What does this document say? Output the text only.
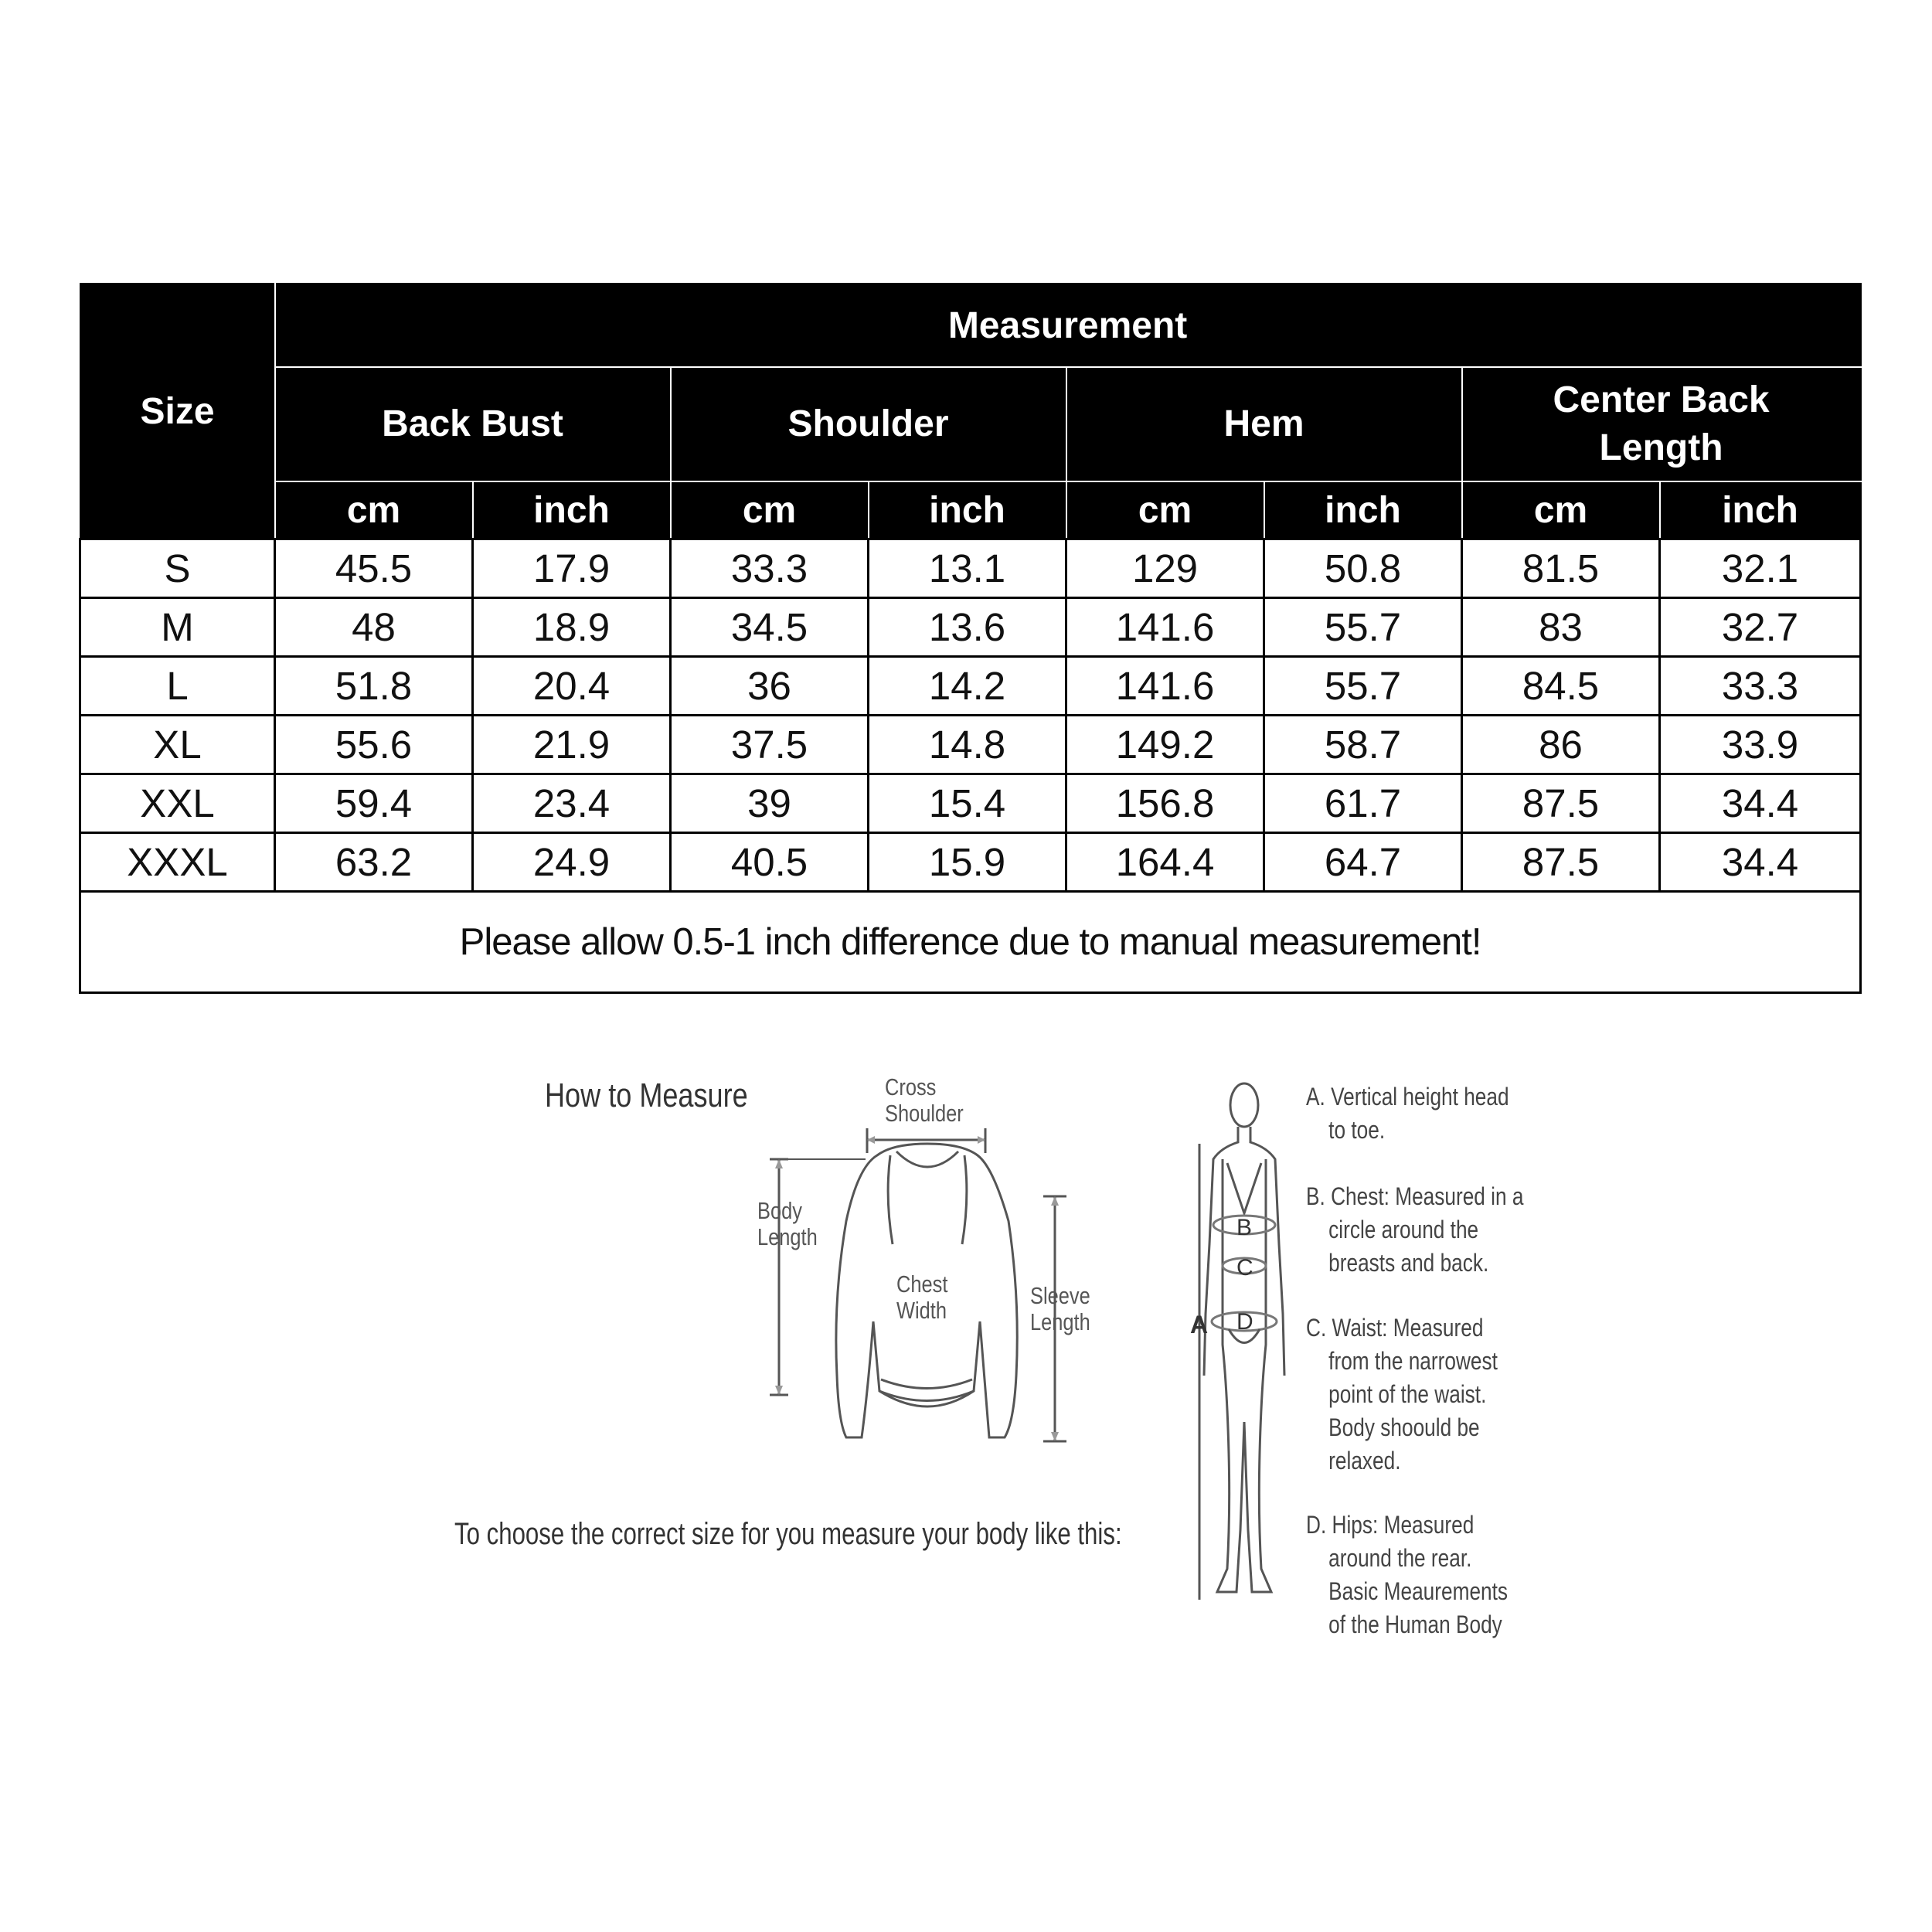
Size	Measurement							
	Back Bust		Shoulder		Hem		Center Back Length	
	cm	inch	cm	inch	cm	inch	cm	inch
S	45.5	17.9	33.3	13.1	129	50.8	81.5	32.1
M	48	18.9	34.5	13.6	141.6	55.7	83	32.7
L	51.8	20.4	36	14.2	141.6	55.7	84.5	33.3
XL	55.6	21.9	37.5	14.8	149.2	58.7	86	33.9
XXL	59.4	23.4	39	15.4	156.8	61.7	87.5	34.4
XXXL	63.2	24.9	40.5	15.9	164.4	64.7	87.5	34.4
Please allow 0.5-1 inch difference due to manual measurement!								
How to Measure
To choose the correct size for you measure your body like this:
Cross
Shoulder
Body
Length
Chest
Width
Sleeve
Length	A
B
C
D
A. Vertical height head
to toe.
B. Chest: Measured in a
circle around the
breasts and back.
C. Waist: Measured
from the narrowest
point of the waist.
Body shoould be
relaxed.
D. Hips: Measured
around the rear.
Basic Meaurements
of the Human Body
